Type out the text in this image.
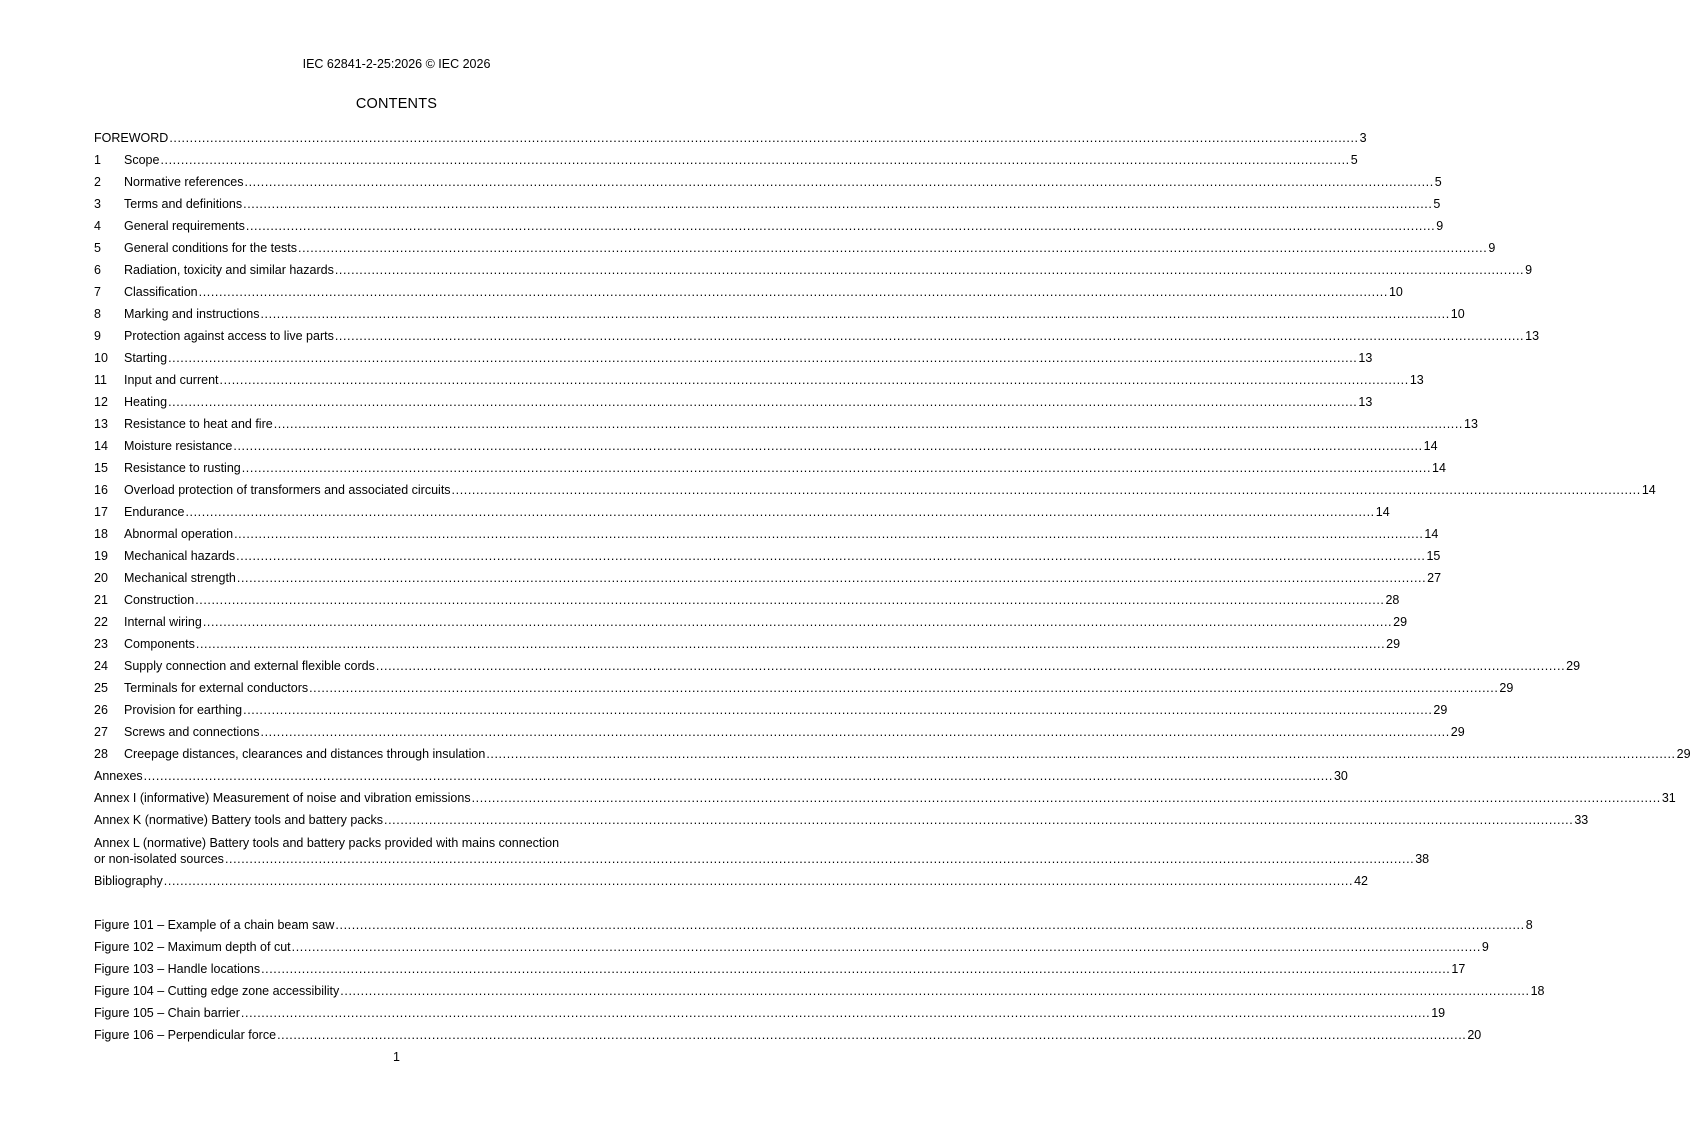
IEC 62841-2-25:2026 © IEC 2026
CONTENTS
FOREWORD .....	3
1	Scope .....	5
2	Normative references .....	5
3	Terms and definitions .....	5
4	General requirements .....	9
5	General conditions for the tests .....	9
6	Radiation, toxicity and similar hazards .....	9
7	Classification .....	10
8	Marking and instructions .....	10
9	Protection against access to live parts .....	13
10	Starting .....	13
11	Input and current .....	13
12	Heating .....	13
13	Resistance to heat and fire .....	13
14	Moisture resistance .....	14
15	Resistance to rusting .....	14
16	Overload protection of transformers and associated circuits .....	14
17	Endurance .....	14
18	Abnormal operation .....	14
19	Mechanical hazards .....	15
20	Mechanical strength .....	27
21	Construction .....	28
22	Internal wiring .....	29
23	Components .....	29
24	Supply connection and external flexible cords .....	29
25	Terminals for external conductors .....	29
26	Provision for earthing .....	29
27	Screws and connections .....	29
28	Creepage distances, clearances and distances through insulation .....	29
Annexes .....	30
Annex I (informative) Measurement of noise and vibration emissions .....	31
Annex K (normative) Battery tools and battery packs .....	33
Annex L (normative) Battery tools and battery packs provided with mains connection
or non-isolated sources .....	38
Bibliography .....	42
Figure 101 – Example of a chain beam saw .....	8
Figure 102 – Maximum depth of cut .....	9
Figure 103 – Handle locations .....	17
Figure 104 – Cutting edge zone accessibility .....	18
Figure 105 – Chain barrier .....	19
Figure 106 – Perpendicular force .....	20
1
